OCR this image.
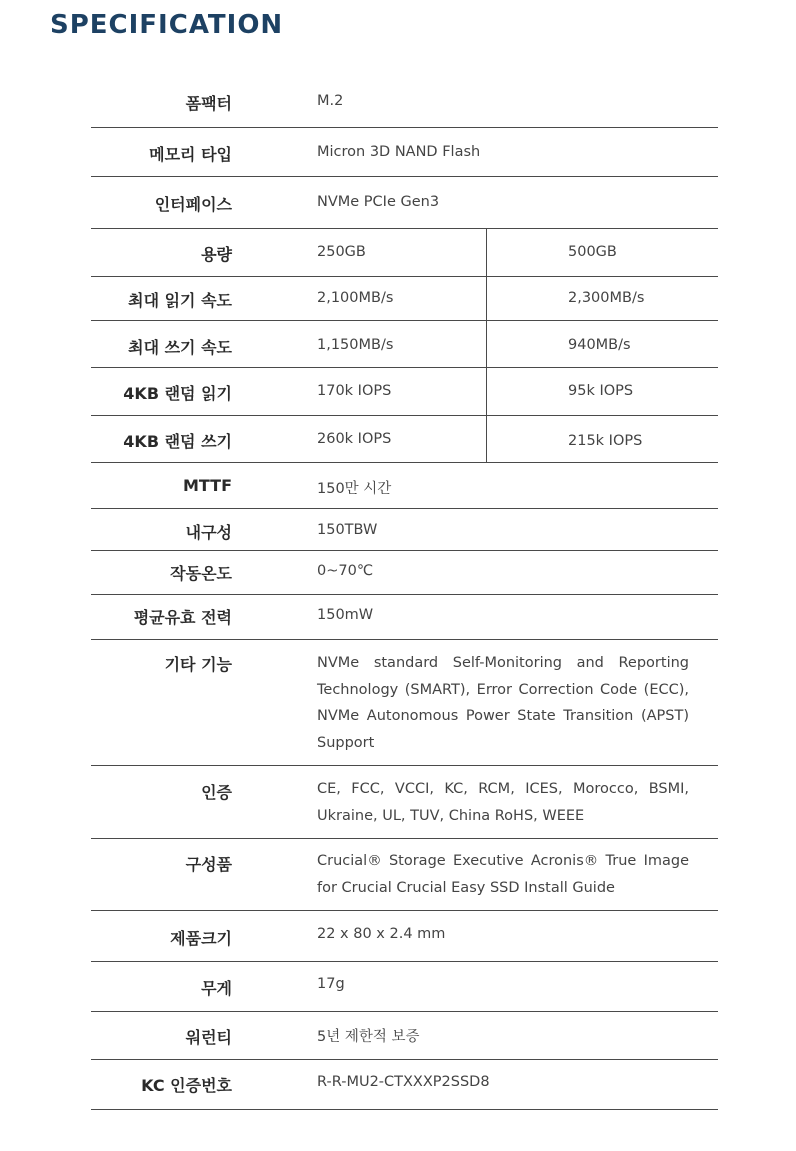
SPECIFICATION
폼팩터	M.2
메모리 타입	Micron 3D NAND Flash
인터페이스	NVMe PCIe Gen3
용량	250GB	500GB
최대 읽기 속도	2,100MB/s	2,300MB/s
최대 쓰기 속도	1,150MB/s	940MB/s
4KB 랜덤 읽기	170k IOPS	95k IOPS
4KB 랜덤 쓰기	260k IOPS	215k IOPS
MTTF	150만 시간
내구성	150TBW
작동온도	0~70℃
평균유효 전력	150mW
기타 기능	NVMe standard Self-Monitoring and Reporting Technology (SMART), Error Correction Code (ECC), NVMe Autonomous Power State Transition (APST) Support
인증	CE, FCC, VCCI, KC, RCM, ICES, Morocco, BSMI, Ukraine, UL, TUV, China RoHS, WEEE
구성품	Crucial® Storage Executive Acronis® True Image for Crucial Crucial Easy SSD Install Guide
제품크기	22 x 80 x 2.4 mm
무게	17g
워런티	5년 제한적 보증
KC 인증번호	R-R-MU2-CTXXXP2SSD8
